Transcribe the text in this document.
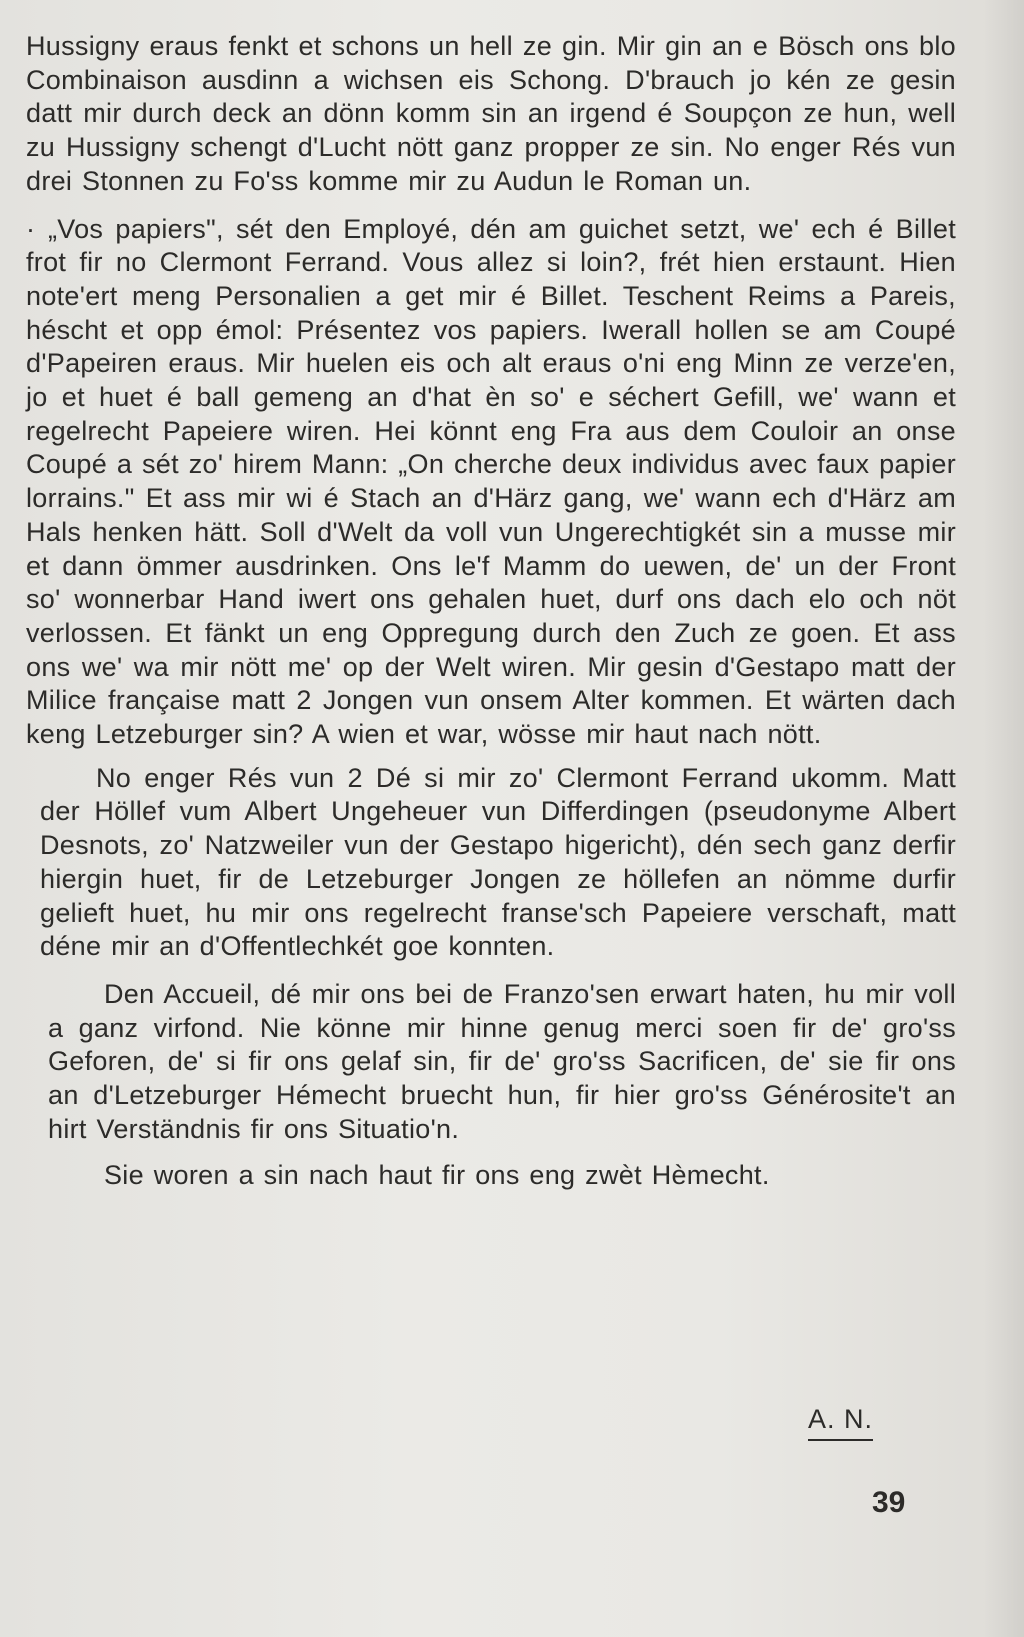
Hussigny eraus fenkt et schons un hell ze gin. Mir gin an e Bösch ons blo Combinaison ausdinn a wichsen eis Schong. D'brauch jo kén ze gesin datt mir durch deck an dönn komm sin an irgend é Soupçon ze hun, well zu Hussigny schengt d'Lucht nött ganz propper ze sin. No enger Rés vun drei Stonnen zu Fo'ss komme mir zu Audun le Roman un.

· „Vos papiers", sét den Employé, dén am guichet setzt, we' ech é Billet frot fir no Clermont Ferrand. Vous allez si loin?, frét hien erstaunt. Hien note'ert meng Personalien a get mir é Billet. Teschent Reims a Pareis, héscht et opp émol: Présentez vos papiers. Iwerall hollen se am Coupé d'Papeiren eraus. Mir huelen eis och alt eraus o'ni eng Minn ze verze'en, jo et huet é ball gemeng an d'hat èn so' e séchert Gefill, we' wann et regelrecht Papeiere wiren. Hei könnt eng Fra aus dem Couloir an onse Coupé a sét zo' hirem Mann: „On cherche deux individus avec faux papier lorrains." Et ass mir wi é Stach an d'Härz gang, we' wann ech d'Härz am Hals henken hätt. Soll d'Welt da voll vun Ungerechtigkét sin a musse mir et dann ömmer ausdrinken. Ons le'f Mamm do uewen, de' un der Front so' wonnerbar Hand iwert ons gehalen huet, durf ons dach elo och nöt verlossen. Et fänkt un eng Oppregung durch den Zuch ze goen. Et ass ons we' wa mir nött me' op der Welt wiren. Mir gesin d'Gestapo matt der Milice française matt 2 Jongen vun onsem Alter kommen. Et wärten dach keng Letzeburger sin? A wien et war, wösse mir haut nach nött.

No enger Rés vun 2 Dé si mir zo' Clermont Ferrand ukomm. Matt der Höllef vum Albert Ungeheuer vun Differdingen (pseudonyme Albert Desnots, zo' Natzweiler vun der Gestapo higericht), dén sech ganz derfir hiergin huet, fir de Letzeburger Jongen ze höllefen an nömme durfir gelieft huet, hu mir ons regelrecht franse'sch Papeiere verschaft, matt déne mir an d'Offentlechkét goe konnten.

Den Accueil, dé mir ons bei de Franzo'sen erwart haten, hu mir voll a ganz virfond. Nie könne mir hinne genug merci soen fir de' gro'ss Geforen, de' si fir ons gelaf sin, fir de' gro'ss Sacrificen, de' sie fir ons an d'Letzeburger Hémecht bruecht hun, fir hier gro'ss Générosite't an hirt Verständnis fir ons Situatio'n.

Sie woren a sin nach haut fir ons eng zwèt Hèmecht.

A. N.
39
